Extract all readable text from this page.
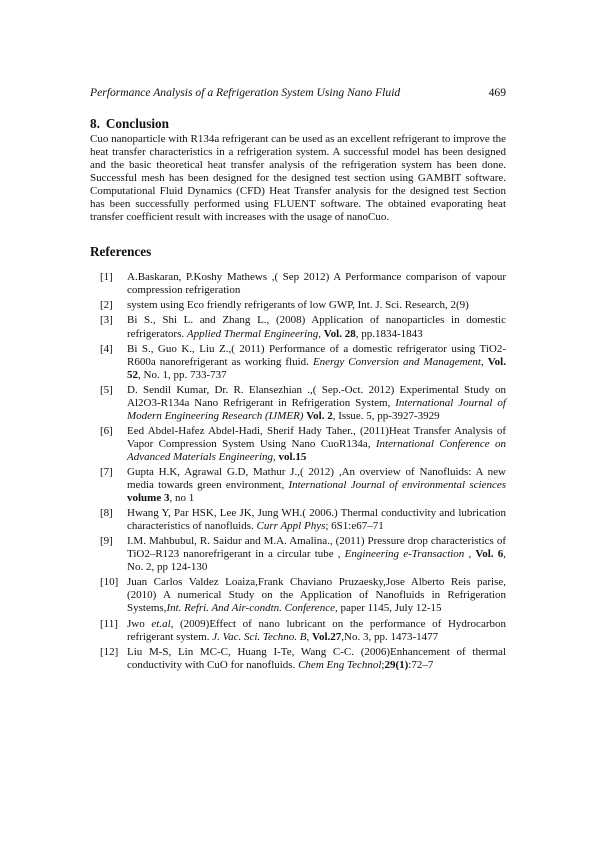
Performance Analysis of a Refrigeration System Using Nano Fluid	469
8. Conclusion
Cuo nanoparticle with R134a refrigerant can be used as an excellent refrigerant to improve the heat transfer characteristics in a refrigeration system. A successful model has been designed and the basic theoretical heat transfer analysis of the refrigeration system has been done. Successful mesh has been designed for the designed test section using GAMBIT software. Computational Fluid Dynamics (CFD) Heat Transfer analysis for the designed test Section has been successfully performed using FLUENT software. The obtained evaporating heat transfer coefficient result with increases with the usage of nanoCuo.
References
[1]	A.Baskaran, P.Koshy Mathews ,( Sep 2012) A Performance comparison of vapour compression refrigeration
[2]	system using Eco friendly refrigerants of low GWP, Int. J. Sci. Research, 2(9)
[3]	Bi S., Shi L. and Zhang L., (2008) Application of nanoparticles in domestic refrigerators. Applied Thermal Engineering, Vol. 28, pp.1834-1843
[4]	Bi S., Guo K., Liu Z.,( 2011) Performance of a domestic refrigerator using TiO2-R600a nanorefrigerant as working fluid. Energy Conversion and Management, Vol. 52, No. 1, pp. 733-737
[5]	D. Sendil Kumar, Dr. R. Elansezhian .,( Sep.-Oct. 2012) Experimental Study on Al2O3-R134a Nano Refrigerant in Refrigeration System, International Journal of Modern Engineering Research (IJMER) Vol. 2, Issue. 5, pp-3927-3929
[6]	Eed Abdel-Hafez Abdel-Hadi, Sherif Hady Taher., (2011)Heat Transfer Analysis of Vapor Compression System Using Nano CuoR134a, International Conference on Advanced Materials Engineering, vol.15
[7]	Gupta H.K, Agrawal G.D, Mathur J.,( 2012) ,An overview of Nanofluids: A new media towards green environment, International Journal of environmental sciences volume 3, no 1
[8]	Hwang Y, Par HSK, Lee JK, Jung WH.( 2006.) Thermal conductivity and lubrication characteristics of nanofluids. Curr Appl Phys; 6S1:e67–71
[9]	I.M. Mahbubul, R. Saidur and M.A. Amalina., (2011) Pressure drop characteristics of TiO2–R123 nanorefrigerant in a circular tube , Engineering e-Transaction , Vol. 6, No. 2, pp 124-130
[10] Juan Carlos Valdez Loaiza,Frank Chaviano Pruzaesky,Jose Alberto Reis parise, (2010) A numerical Study on the Application of Nanofluids in Refrigeration Systems,Int. Refri. And Air-condtn. Conference, paper 1145, July 12-15
[11] Jwo et.al, (2009)Effect of nano lubricant on the performance of Hydrocarbon refrigerant system. J. Vac. Sci. Techno. B, Vol.27,No. 3, pp. 1473-1477
[12] Liu M-S, Lin MC-C, Huang I-Te, Wang C-C. (2006)Enhancement of thermal conductivity with CuO for nanofluids. Chem Eng Technol;29(1):72–7
